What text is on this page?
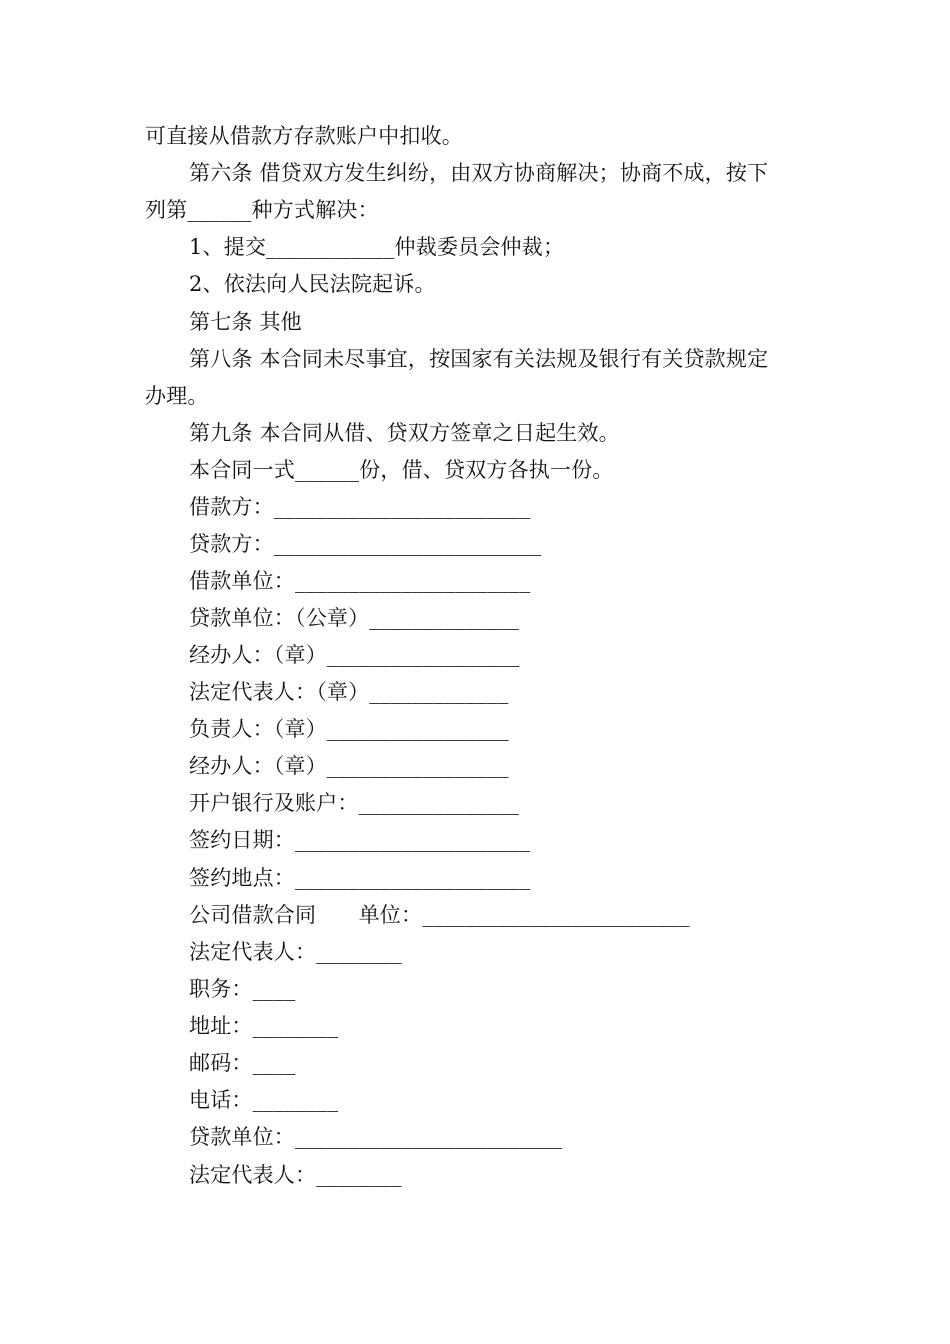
可直接从借款方存款账户中扣收。
第六条 借贷双方发生纠纷，由双方协商解决；协商不成，按下
列第______种方式解决：
1、提交____________仲裁委员会仲裁；
2、依法向人民法院起诉。
第七条 其他
第八条 本合同未尽事宜，按国家有关法规及银行有关贷款规定
办理。
第九条 本合同从借、贷双方签章之日起生效。
本合同一式______份，借、贷双方各执一份。
借款方：________________________
贷款方：_________________________
借款单位：______________________
贷款单位：（公章）______________
经办人：（章）__________________
法定代表人：（章）_____________
负责人：（章）_________________
经办人：（章）_________________
开户银行及账户：_______________
签约日期：______________________
签约地点：______________________
公司借款合同　　单位：_________________________
法定代表人：________
职务：____
地址：________
邮码：____
电话：________
贷款单位：_________________________
法定代表人：________
